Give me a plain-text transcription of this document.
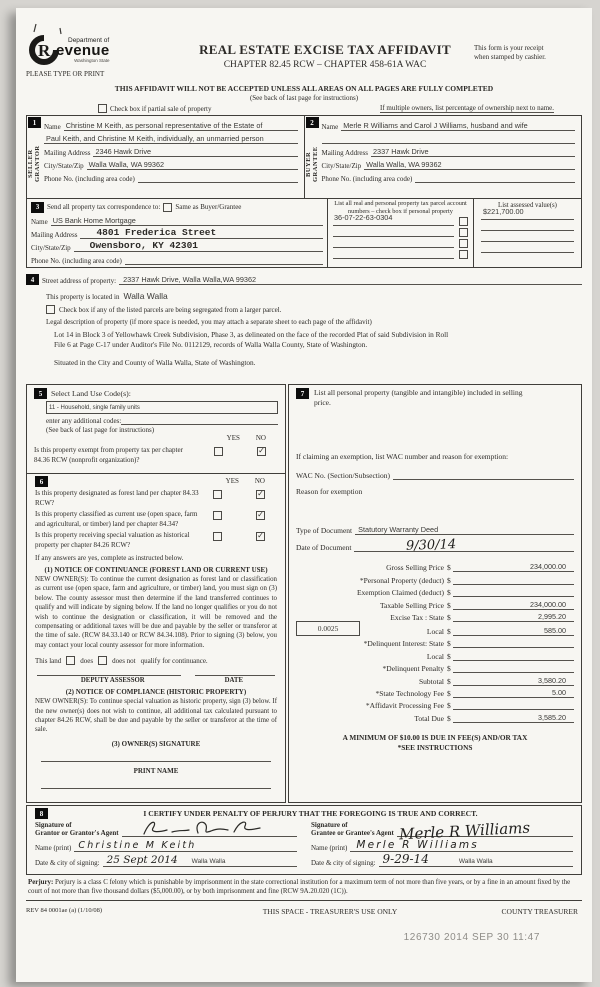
R
Department of
evenue
Washington State
PLEASE TYPE OR PRINT
REAL ESTATE EXCISE TAX AFFIDAVIT
CHAPTER 82.45 RCW – CHAPTER 458-61A WAC
This form is your receipt
when stamped by cashier.
THIS AFFIDAVIT WILL NOT BE ACCEPTED UNLESS ALL AREAS ON ALL PAGES ARE FULLY COMPLETED
(See back of last page for instructions)
Check box if partial sale of property	If multiple owners, list percentage of ownership next to name.
1
SELLER GRANTOR
Name Christine M Keith, as personal representative of the Estate of
Paul Keith, and Christine M Keith, individually, an unmarried person
Mailing Address 2346 Hawk Drive
City/State/Zip Walla Walla, WA 99362
Phone No. (including area code)
2
BUYER GRANTEE
Name Merle R Williams and Carol J Williams, husband and wife
Mailing Address 2337 Hawk Drive
City/State/Zip Walla Walla, WA 99362
Phone No. (including area code)
3	Send all property tax correspondence to: Same as Buyer/Grantee
Name US Bank Home Mortgage
Mailing Address	4801 Frederica Street
City/State/Zip	Owensboro, KY 42301
Phone No. (including area code)
List all real and personal property tax parcel account
numbers – check box if personal property
36-07-22-63-0304
List assessed value(s)
$221,700.00
4	Street address of property: 2337 Hawk Drive, Walla Walla,WA 99362
This property is located in Walla Walla
Check box if any of the listed parcels are being segregated from a larger parcel.
Legal description of property (if more space is needed, you may attach a separate sheet to each page of the affidavit)
Lot 14 in Block 3 of Yellowhawk Creek Subdivision, Phase 3, as delineated on the face of the recorded Plat of said Subdivision in Roll
File 6 at Page C-17 under Auditor's File No. 0112129, records of Walla Walla County, State of Washington.
Situated in the City and County of Walla Walla, State of Washington.
5	Select Land Use Code(s):
11 - Household, single family units
enter any additional codes:
(See back of last page for instructions)
YES NO
Is this property exempt from property tax per chapter
84.36 RCW (nonprofit organization)?
✓
6	YES NO
Is this property designated as forest land per chapter 84.33 RCW?
✓
Is this property classified as current use (open space, farm and agricultural, or timber) land per chapter 84.34?
✓
Is this property receiving special valuation as historical property per chapter 84.26 RCW?
✓
If any answers are yes, complete as instructed below.
(1) NOTICE OF CONTINUANCE (FOREST LAND OR CURRENT USE)
NEW OWNER(S): To continue the current designation as forest land or classification as current use (open space, farm and agriculture, or timber) land, you must sign on (3) below. The county assessor must then determine if the land transferred continues to qualify and will indicate by signing below. If the land no longer qualifies or you do not wish to continue the designation or classification, it will be removed and the compensating or additional taxes will be due and payable by the seller or transferor at the time of sale. (RCW 84.33.140 or RCW 84.34.108). Prior to signing (3) below, you may contact your local county assessor for more information.
This land	does	does not qualify for continuance.
DEPUTY ASSESSOR	DATE
(2) NOTICE OF COMPLIANCE (HISTORIC PROPERTY)
NEW OWNER(S): To continue special valuation as historic property, sign (3) below. If the new owner(s) does not wish to continue, all additional tax calculated pursuant to chapter 84.26 RCW, shall be due and payable by the seller or transferor at the time of sale.
(3) OWNER(S) SIGNATURE
PRINT NAME
7	List all personal property (tangible and intangible) included in selling
price.
If claiming an exemption, list WAC number and reason for exemption:
WAC No. (Section/Subsection)
Reason for exemption
Type of Document Statutory Warranty Deed
Date of Document	9/30/14
Gross Selling Price $	234,000.00
*Personal Property (deduct) $
Exemption Claimed (deduct) $
Taxable Selling Price $	234,000.00
Excise Tax : State $	2,995.20
0.0025	Local $	585.00
*Delinquent Interest: State $
Local $
*Delinquent Penalty $
Subtotal $	3,580.20
*State Technology Fee $	5.00
*Affidavit Processing Fee $
Total Due $	3,585.20
A MINIMUM OF $10.00 IS DUE IN FEE(S) AND/OR TAX
*SEE INSTRUCTIONS
8	I CERTIFY UNDER PENALTY OF PERJURY THAT THE FOREGOING IS TRUE AND CORRECT.
Signature of
Grantor or Grantor's Agent
Name (print) Christine M Keith
Date & city of signing: 25 Sept 2014 Walla Walla
Signature of
Grantee or Grantee's Agent Merle R Williams
Name (print) Merle R Williams
Date & city of signing: 9-29-14	Walla Walla
Perjury: Perjury is a class C felony which is punishable by imprisonment in the state correctional institution for a maximum term of not more than five years, or by a fine in an amount fixed by the court of not more than five thousand dollars ($5,000.00), or by both imprisonment and fine (RCW 9A.20.020 (1C)).
REV 84 0001ae (a) (1/10/08)	THIS SPACE - TREASURER'S USE ONLY	COUNTY TREASURER
126730 2014 SEP 30 11:47
